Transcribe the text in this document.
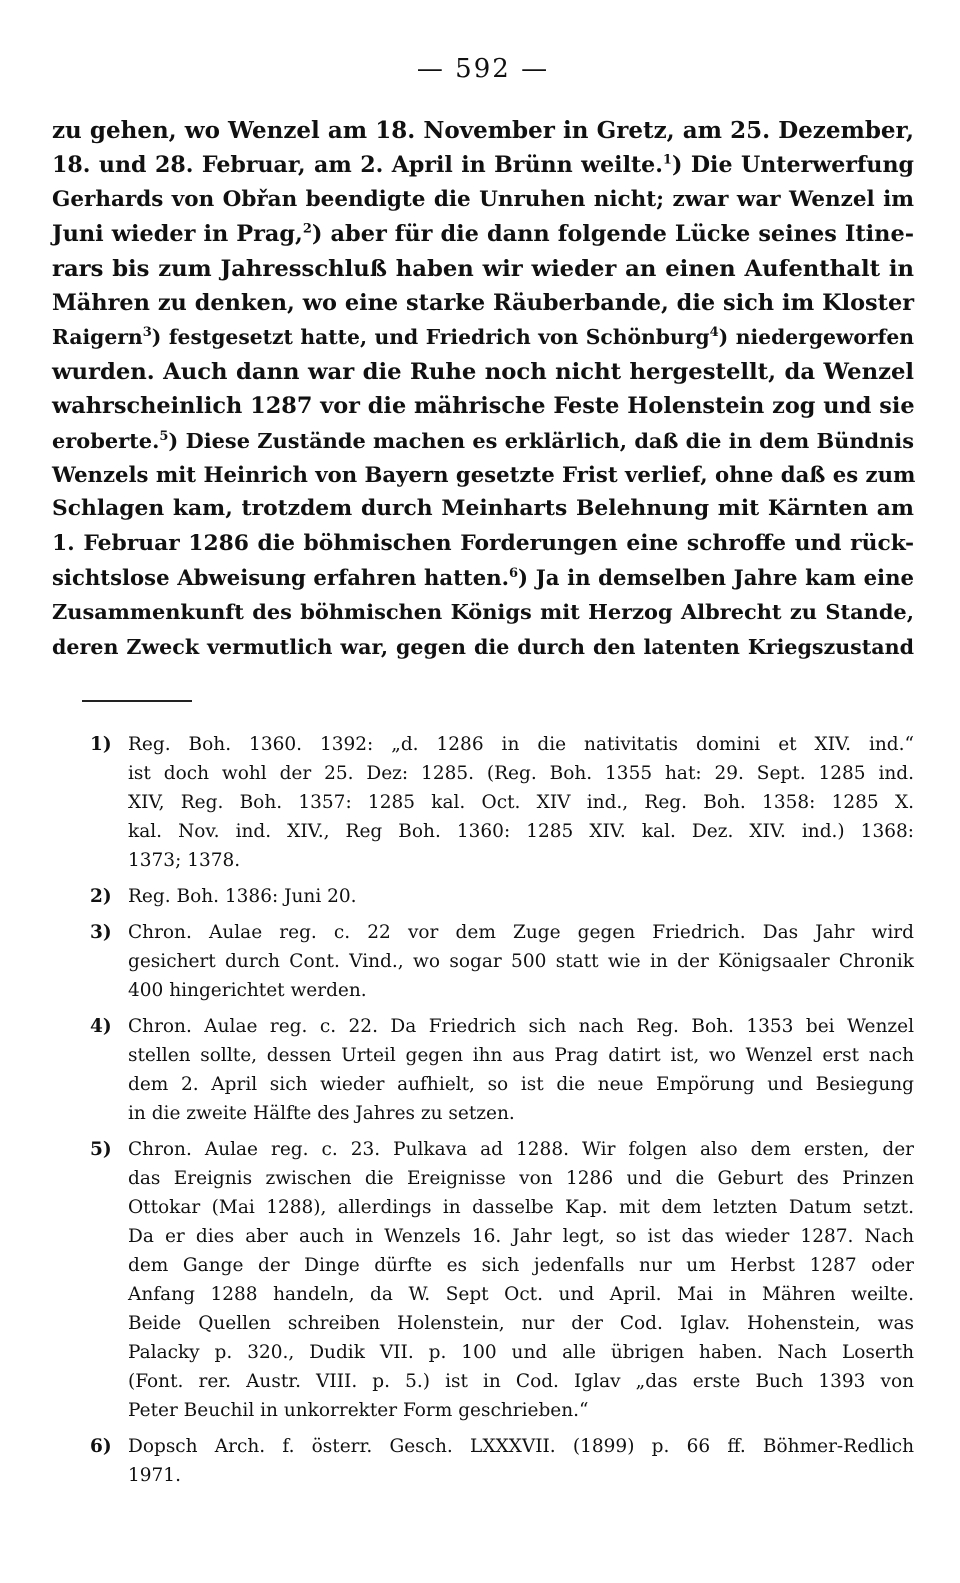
— 592 —
zu gehen, wo Wenzel am 18. November in Gretz, am 25. Dezember,
18. und 28. Februar, am 2. April in Brünn weilte.$^1$) Die Unterwerfung
Gerhards von Obřan beendigte die Unruhen nicht; zwar war Wenzel im
Juni wieder in Prag,$^2$) aber für die dann folgende Lücke seines Itine-
rars bis zum Jahresschluß haben wir wieder an einen Aufenthalt in
Mähren zu denken, wo eine starke Räuberbande, die sich im Kloster
Raigern$^3$) festgesetzt hatte, und Friedrich von Schönburg$^4$) niedergeworfen
wurden. Auch dann war die Ruhe noch nicht hergestellt, da Wenzel
wahrscheinlich 1287 vor die mährische Feste Holenstein zog und sie
eroberte.$^5$) Diese Zustände machen es erklärlich, daß die in dem Bündnis
Wenzels mit Heinrich von Bayern gesetzte Frist verlief, ohne daß es zum
Schlagen kam, trotzdem durch Meinharts Belehnung mit Kärnten am
1. Februar 1286 die böhmischen Forderungen eine schroffe und rück-
sichtslose Abweisung erfahren hatten.$^6$) Ja in demselben Jahre kam eine
Zusammenkunft des böhmischen Königs mit Herzog Albrecht zu Stande,
deren Zweck vermutlich war, gegen die durch den latenten Kriegszustand
1) Reg. Boh. 1360. 1392: „d. 1286 in die nativitatis domini et XIV. ind.“
ist doch wohl der 25. Dez: 1285. (Reg. Boh. 1355 hat: 29. Sept. 1285 ind.
XIV, Reg. Boh. 1357: 1285 kal. Oct. XIV ind., Reg. Boh. 1358: 1285 X.
kal. Nov. ind. XIV., Reg Boh. 1360: 1285 XIV. kal. Dez. XIV. ind.) 1368:
1373; 1378.
2) Reg. Boh. 1386: Juni 20.
3) Chron. Aulae reg. c. 22 vor dem Zuge gegen Friedrich. Das Jahr wird
gesichert durch Cont. Vind., wo sogar 500 statt wie in der Königsaaler Chronik
400 hingerichtet werden.
4) Chron. Aulae reg. c. 22. Da Friedrich sich nach Reg. Boh. 1353 bei Wenzel
stellen sollte, dessen Urteil gegen ihn aus Prag datirt ist, wo Wenzel erst nach
dem 2. April sich wieder aufhielt, so ist die neue Empörung und Besiegung
in die zweite Hälfte des Jahres zu setzen.
5) Chron. Aulae reg. c. 23. Pulkava ad 1288. Wir folgen also dem ersten, der
das Ereignis zwischen die Ereignisse von 1286 und die Geburt des Prinzen
Ottokar (Mai 1288), allerdings in dasselbe Kap. mit dem letzten Datum setzt.
Da er dies aber auch in Wenzels 16. Jahr legt, so ist das wieder 1287. Nach
dem Gange der Dinge dürfte es sich jedenfalls nur um Herbst 1287 oder
Anfang 1288 handeln, da W. Sept Oct. und April. Mai in Mähren weilte.
Beide Quellen schreiben Holenstein, nur der Cod. Iglav. Hohenstein, was
Palacky p. 320., Dudik VII. p. 100 und alle übrigen haben. Nach Loserth
(Font. rer. Austr. VIII. p. 5.) ist in Cod. Iglav „das erste Buch 1393 von
Peter Beuchil in unkorrekter Form geschrieben.“
6) Dopsch Arch. f. österr. Gesch. LXXXVII. (1899) p. 66 ff. Böhmer-Redlich
1971.
